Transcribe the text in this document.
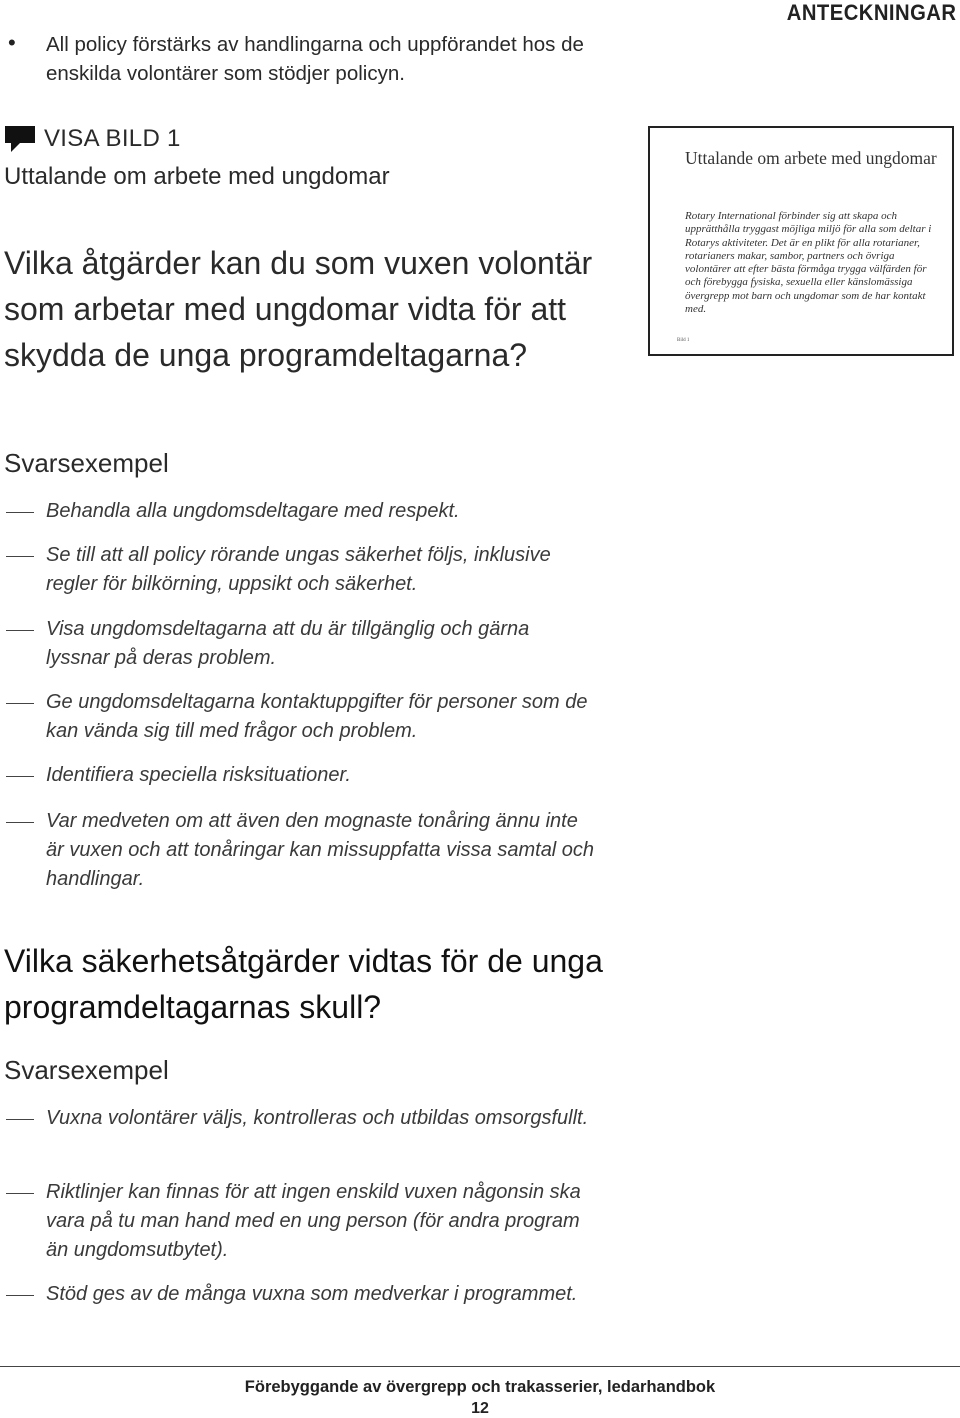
ANTECKNINGAR
• All policy förstärks av handlingarna och uppförandet hos de enskilda volontärer som stödjer policyn.
VISA BILD 1
Uttalande om arbete med ungdomar
Vilka åtgärder kan du som vuxen volontär som arbetar med ungdomar vidta för att skydda de unga programdeltagarna?
Uttalande om arbete med ungdomar
Rotary International förbinder sig att skapa och upprätthålla tryggast möjliga miljö för alla som deltar i Rotarys aktiviteter. Det är en plikt för alla rotarianer, rotarianers makar, sambor, partners och övriga volontärer att efter bästa förmåga trygga välfärden för och förebygga fysiska, sexuella eller känslomässiga övergrepp mot barn och ungdomar som de har kontakt med.
Bild 1
Svarsexempel
Behandla alla ungdomsdeltagare med respekt.
Se till att all policy rörande ungas säkerhet följs, inklusive regler för bilkörning, uppsikt och säkerhet.
Visa ungdomsdeltagarna att du är tillgänglig och gärna lyssnar på deras problem.
Ge ungdomsdeltagarna kontaktuppgifter för personer som de kan vända sig till med frågor och problem.
Identifiera speciella risksituationer.
Var medveten om att även den mognaste tonåring ännu inte är vuxen och att tonåringar kan missuppfatta vissa samtal och handlingar.
Vilka säkerhetsåtgärder vidtas för de unga programdeltagarnas skull?
Svarsexempel
Vuxna volontärer väljs, kontrolleras och utbildas omsorgsfullt.
Riktlinjer kan finnas för att ingen enskild vuxen någonsin ska vara på tu man hand med en ung person (för andra program än ungdomsutbytet).
Stöd ges av de många vuxna som medverkar i programmet.
Förebyggande av övergrepp och trakasserier, ledarhandbok
12
